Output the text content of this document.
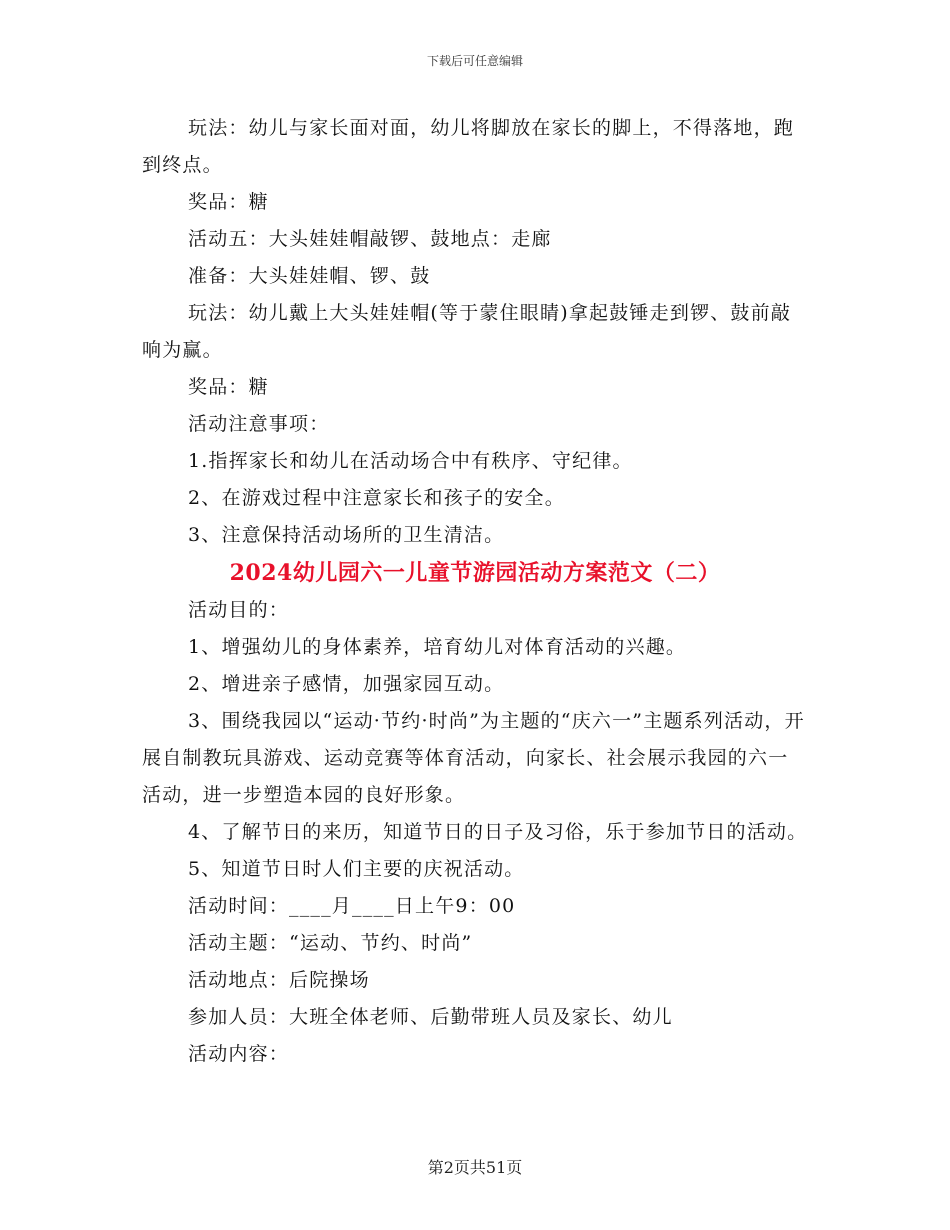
下载后可任意编辑

玩法：幼儿与家长面对面，幼儿将脚放在家长的脚上，不得落地，跑到终点。

奖品：糖

活动五：大头娃娃帽敲锣、鼓地点：走廊

准备：大头娃娃帽、锣、鼓

玩法：幼儿戴上大头娃娃帽(等于蒙住眼睛)拿起鼓锤走到锣、鼓前敲响为赢。

奖品：糖

活动注意事项：

1.指挥家长和幼儿在活动场合中有秩序、守纪律。

2、在游戏过程中注意家长和孩子的安全。

3、注意保持活动场所的卫生清洁。

2024幼儿园六一儿童节游园活动方案范文（二）

活动目的：

1、增强幼儿的身体素养，培育幼儿对体育活动的兴趣。

2、增进亲子感情，加强家园互动。

3、围绕我园以“运动·节约·时尚”为主题的“庆六一”主题系列活动，开展自制教玩具游戏、运动竞赛等体育活动，向家长、社会展示我园的六一活动，进一步塑造本园的良好形象。

4、了解节日的来历，知道节日的日子及习俗，乐于参加节日的活动。

5、知道节日时人们主要的庆祝活动。

活动时间：____月____日上午9：00

活动主题：“运动、节约、时尚”

活动地点：后院操场

参加人员：大班全体老师、后勤带班人员及家长、幼儿

活动内容：

第2页共51页
